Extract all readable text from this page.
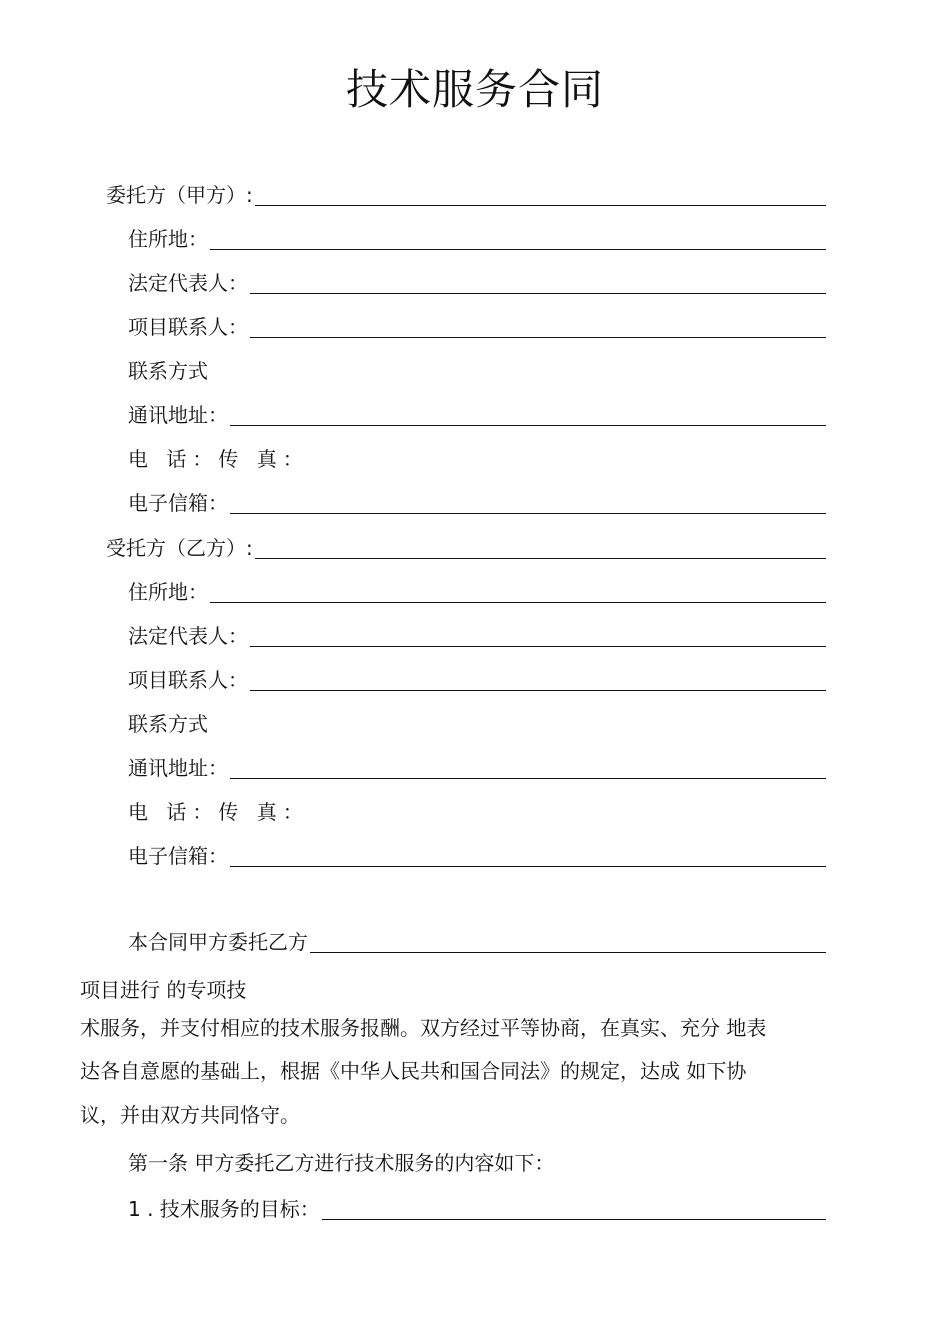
技术服务合同
委托方（甲方）:
住所地：
法定代表人：
项目联系人：
联系方式
通讯地址：
电 话：传 真：
电子信箱：
受托方（乙方）:
住所地：
法定代表人：
项目联系人：
联系方式
通讯地址：
电 话：传 真：
电子信箱：
本合同甲方委托乙方
项目进行 的专项技
术服务，并支付相应的技术服务报酬。双方经过平等协商，在真实、充分 地表
达各自意愿的基础上，根据《中华人民共和国合同法》的规定，达成 如下协
议，并由双方共同恪守。
第一条 甲方委托乙方进行技术服务的内容如下：
1 . 技术服务的目标：
